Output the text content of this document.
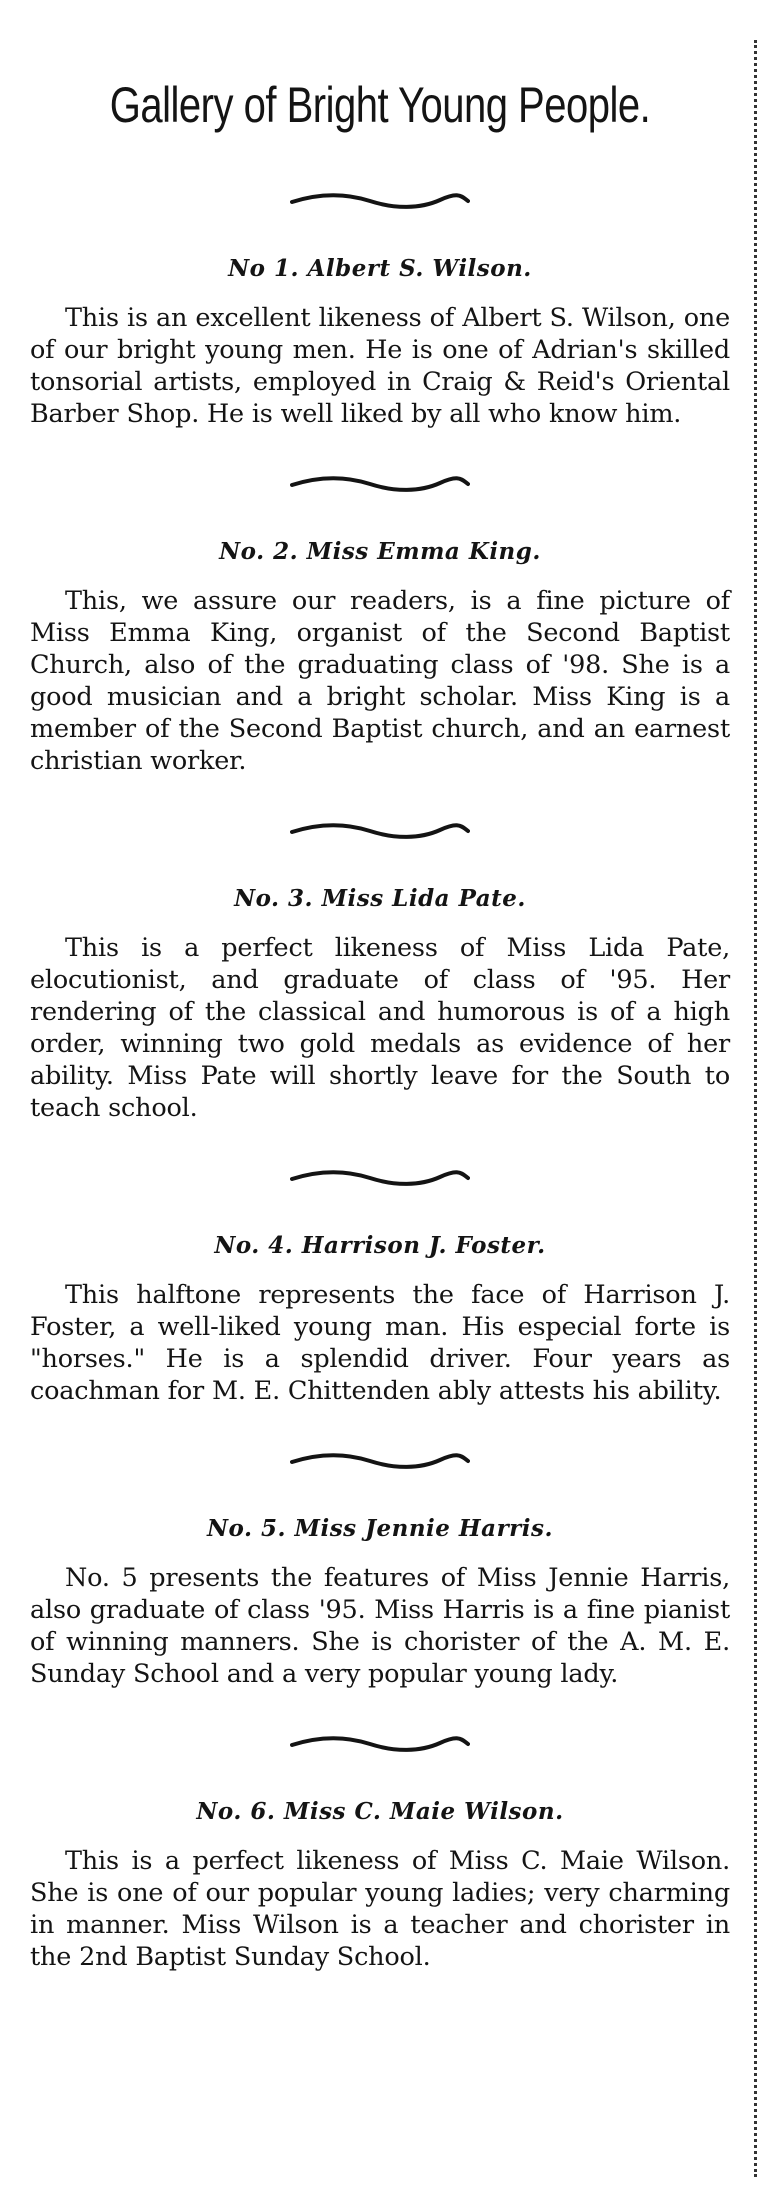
Gallery of Bright Young People.
No 1. Albert S. Wilson.

This is an excellent likeness of Albert S. Wilson, one of our bright young men. He is one of Adrian's skilled tonsorial artists, employed in Craig & Reid's Oriental Barber Shop. He is well liked by all who know him.

No. 2. Miss Emma King.

This, we assure our readers, is a fine picture of Miss Emma King, organist of the Second Baptist Church, also of the graduating class of '98. She is a good musician and a bright scholar. Miss King is a member of the Second Baptist church, and an earnest christian worker.

No. 3. Miss Lida Pate.

This is a perfect likeness of Miss Lida Pate, elocutionist, and graduate of class of '95. Her rendering of the classical and humorous is of a high order, winning two gold medals as evidence of her ability. Miss Pate will shortly leave for the South to teach school.

No. 4. Harrison J. Foster.

This halftone represents the face of Harrison J. Foster, a well-liked young man. His especial forte is "horses." He is a splendid driver. Four years as coachman for M. E. Chittenden ably attests his ability.

No. 5. Miss Jennie Harris.

No. 5 presents the features of Miss Jennie Harris, also graduate of class '95. Miss Harris is a fine pianist of winning manners. She is chorister of the A. M. E. Sunday School and a very popular young lady.

No. 6. Miss C. Maie Wilson.

This is a perfect likeness of Miss C. Maie Wilson. She is one of our popular young ladies; very charming in manner. Miss Wilson is a teacher and chorister in the 2nd Baptist Sunday School.
